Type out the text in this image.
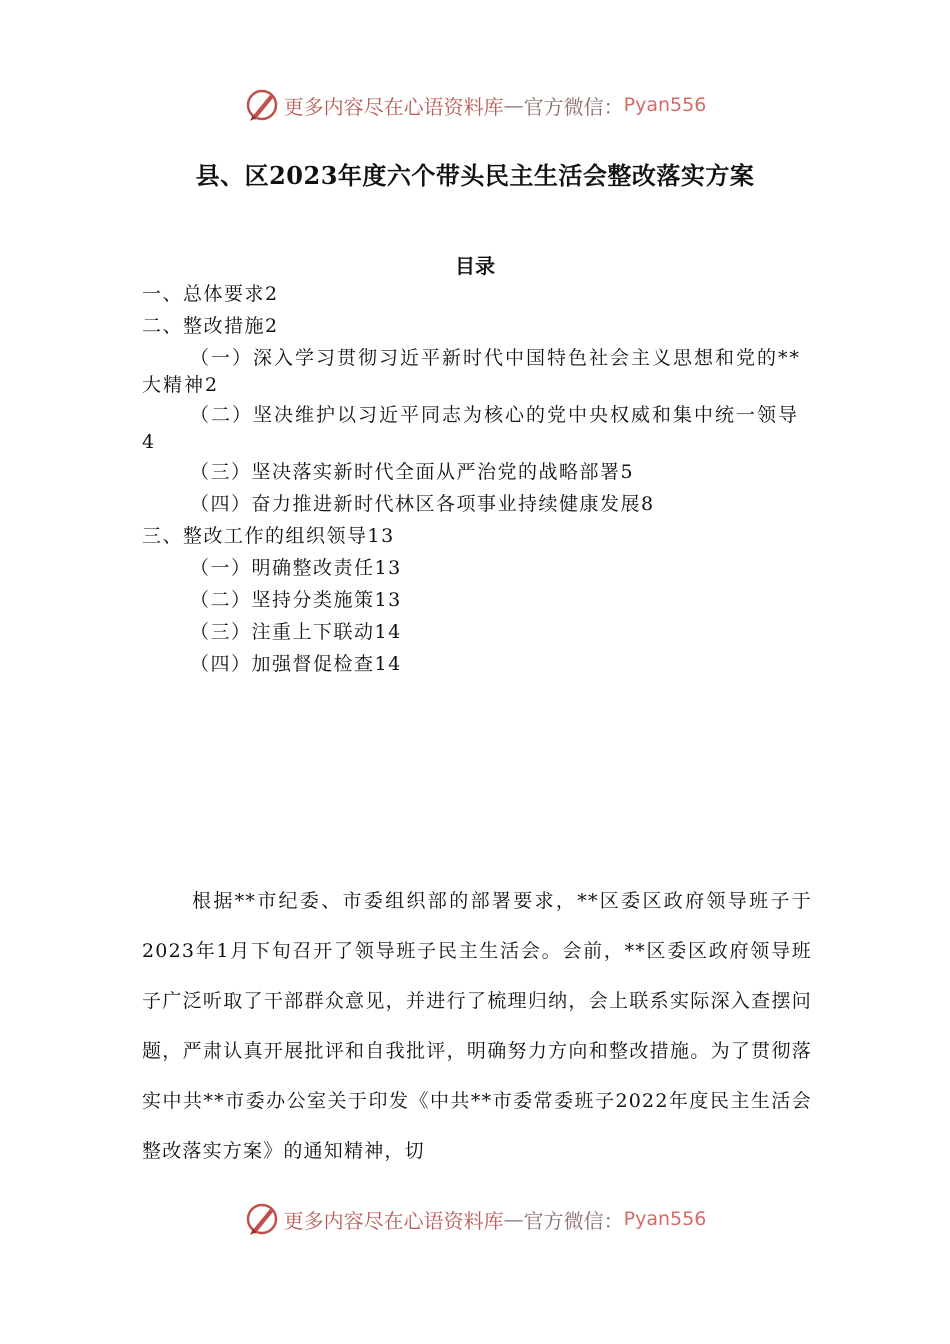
更多内容尽在心语资料库 — 官方微信： Pyan556
县、区2023年度六个带头民主生活会整改落实方案
目录
一、总体要求2
二、整改措施2
（一）深入学习贯彻习近平新时代中国特色社会主义思想和党的**大精神2
（二）坚决维护以习近平同志为核心的党中央权威和集中统一领导4
（三）坚决落实新时代全面从严治党的战略部署5
（四）奋力推进新时代林区各项事业持续健康发展8
三、整改工作的组织领导13
（一）明确整改责任13
（二）坚持分类施策13
（三）注重上下联动14
（四）加强督促检查14
根据**市纪委、市委组织部的部署要求，**区委区政府领导班子于2023年1月下旬召开了领导班子民主生活会。会前，**区委区政府领导班子广泛听取了干部群众意见，并进行了梳理归纳，会上联系实际深入查摆问题，严肃认真开展批评和自我批评，明确努力方向和整改措施。为了贯彻落实中共**市委办公室关于印发《中共**市委常委班子2022年度民主生活会整改落实方案》的通知精神，切
更多内容尽在心语资料库 — 官方微信： Pyan556
